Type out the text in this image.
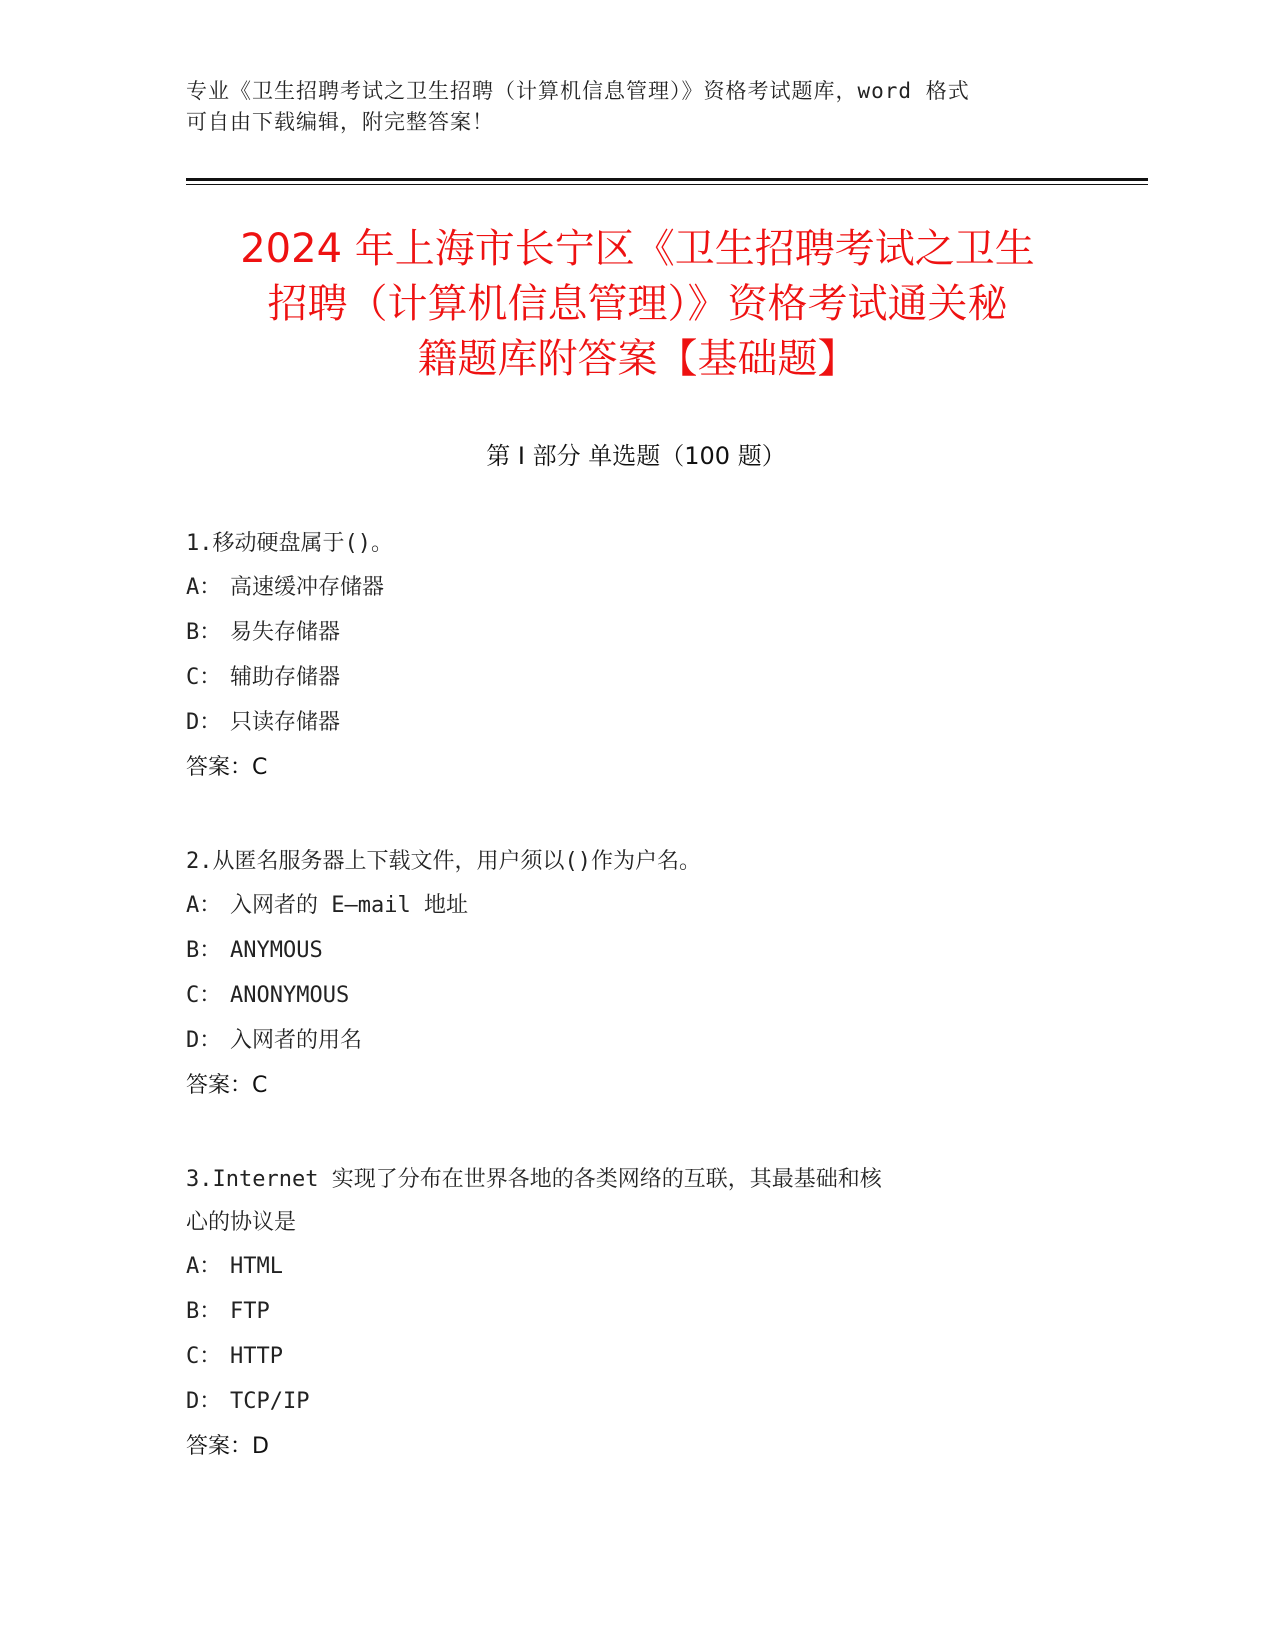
专业《卫生招聘考试之卫生招聘（计算机信息管理）》资格考试题库，word 格式
可自由下载编辑，附完整答案！
2024 年上海市长宁区《卫生招聘考试之卫生
招聘（计算机信息管理）》资格考试通关秘
籍题库附答案【基础题】
第 I 部分 单选题（100 题）
1.移动硬盘属于()。
A： 高速缓冲存储器
B： 易失存储器
C： 辅助存储器
D： 只读存储器
答案：C
2.从匿名服务器上下载文件，用户须以()作为户名。
A： 入网者的 E—mail 地址
B： ANYMOUS
C： ANONYMOUS
D： 入网者的用名
答案：C
3.Internet 实现了分布在世界各地的各类网络的互联，其最基础和核
心的协议是
A： HTML
B： FTP
C： HTTP
D： TCP/IP
答案：D
